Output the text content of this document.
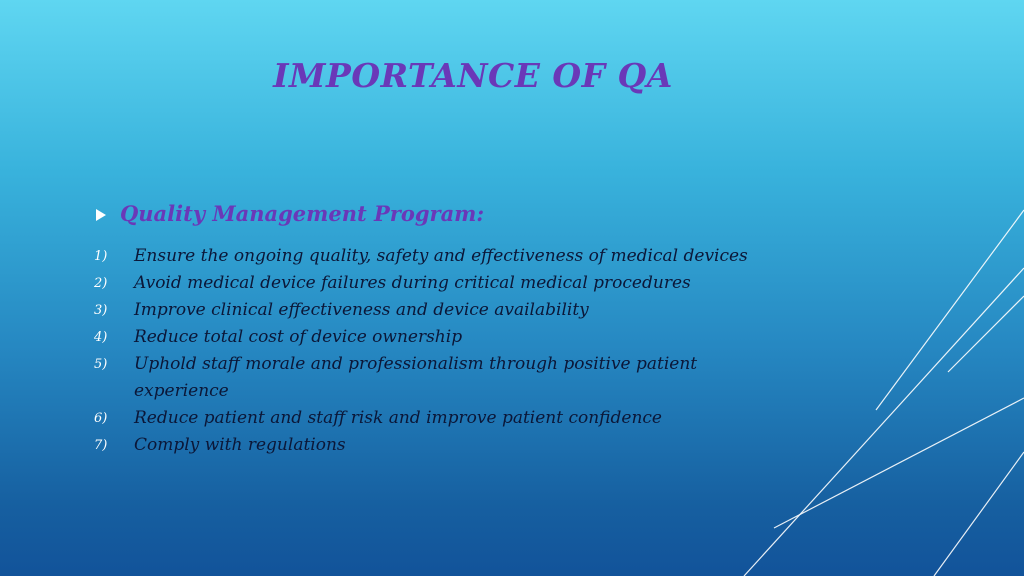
IMPORTANCE OF QA
Quality Management Program:
1)	Ensure the ongoing quality, safety and effectiveness of medical devices
2)	Avoid medical device failures during critical medical procedures
3)	Improve clinical effectiveness and device availability
4)	Reduce total cost of device ownership
5)	Uphold staff morale and professionalism through positive patient experience
6)	Reduce patient and staff risk and improve patient confidence
7)	Comply with regulations
